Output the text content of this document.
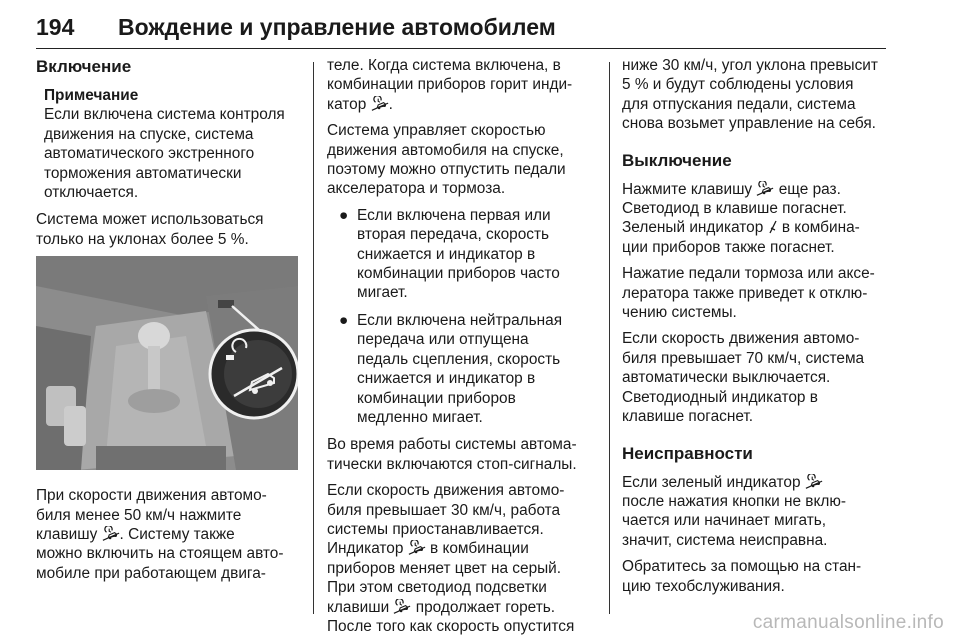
194 Вождение и управление автомобилем
Включение
Примечание
Если включена система контроля
движения на спуске, система
автоматического экстренного
торможения автоматически
отключается.

Система может использоваться
только на уклонах более 5 %.

При скорости движения автомо-
биля менее 50 км/ч нажмите
клавишу . Систему также
можно включить на стоящем авто-
мобиле при работающем двига-

теле. Когда система включена, в
комбинации приборов горит инди-
катор .

Система управляет скоростью
движения автомобиля на спуске,
поэтому можно отпустить педали
акселератора и тормоза.

● Если включена первая или
вторая передача, скорость
снижается и индикатор в
комбинации приборов часто
мигает.
● Если включена нейтральная
передача или отпущена
педаль сцепления, скорость
снижается и индикатор в
комбинации приборов
медленно мигает.

Во время работы системы автома-
тически включаются стоп-сигналы.

Если скорость движения автомо-
биля превышает 30 км/ч, работа
системы приостанавливается.
Индикатор в комбинации
приборов меняет цвет на серый.
При этом светодиод подсветки
клавиши продолжает гореть.
После того как скорость опустится

ниже 30 км/ч, угол уклона превысит
5 % и будут соблюдены условия
для отпускания педали, система
снова возьмет управление на себя.

Выключение

Нажмите клавишу еще раз.
Светодиод в клавише погаснет.
Зеленый индикатор в комбина-
ции приборов также погаснет.

Нажатие педали тормоза или аксе-
лератора также приведет к отклю-
чению системы.

Если скорость движения автомо-
биля превышает 70 км/ч, система
автоматически выключается.
Светодиодный индикатор в
клавише погаснет.

Неисправности

Если зеленый индикатор

после нажатия кнопки не вклю-
чается или начинает мигать,
значит, система неисправна.

Обратитесь за помощью на стан-
цию техобслуживания.

carmanualsonline.info
